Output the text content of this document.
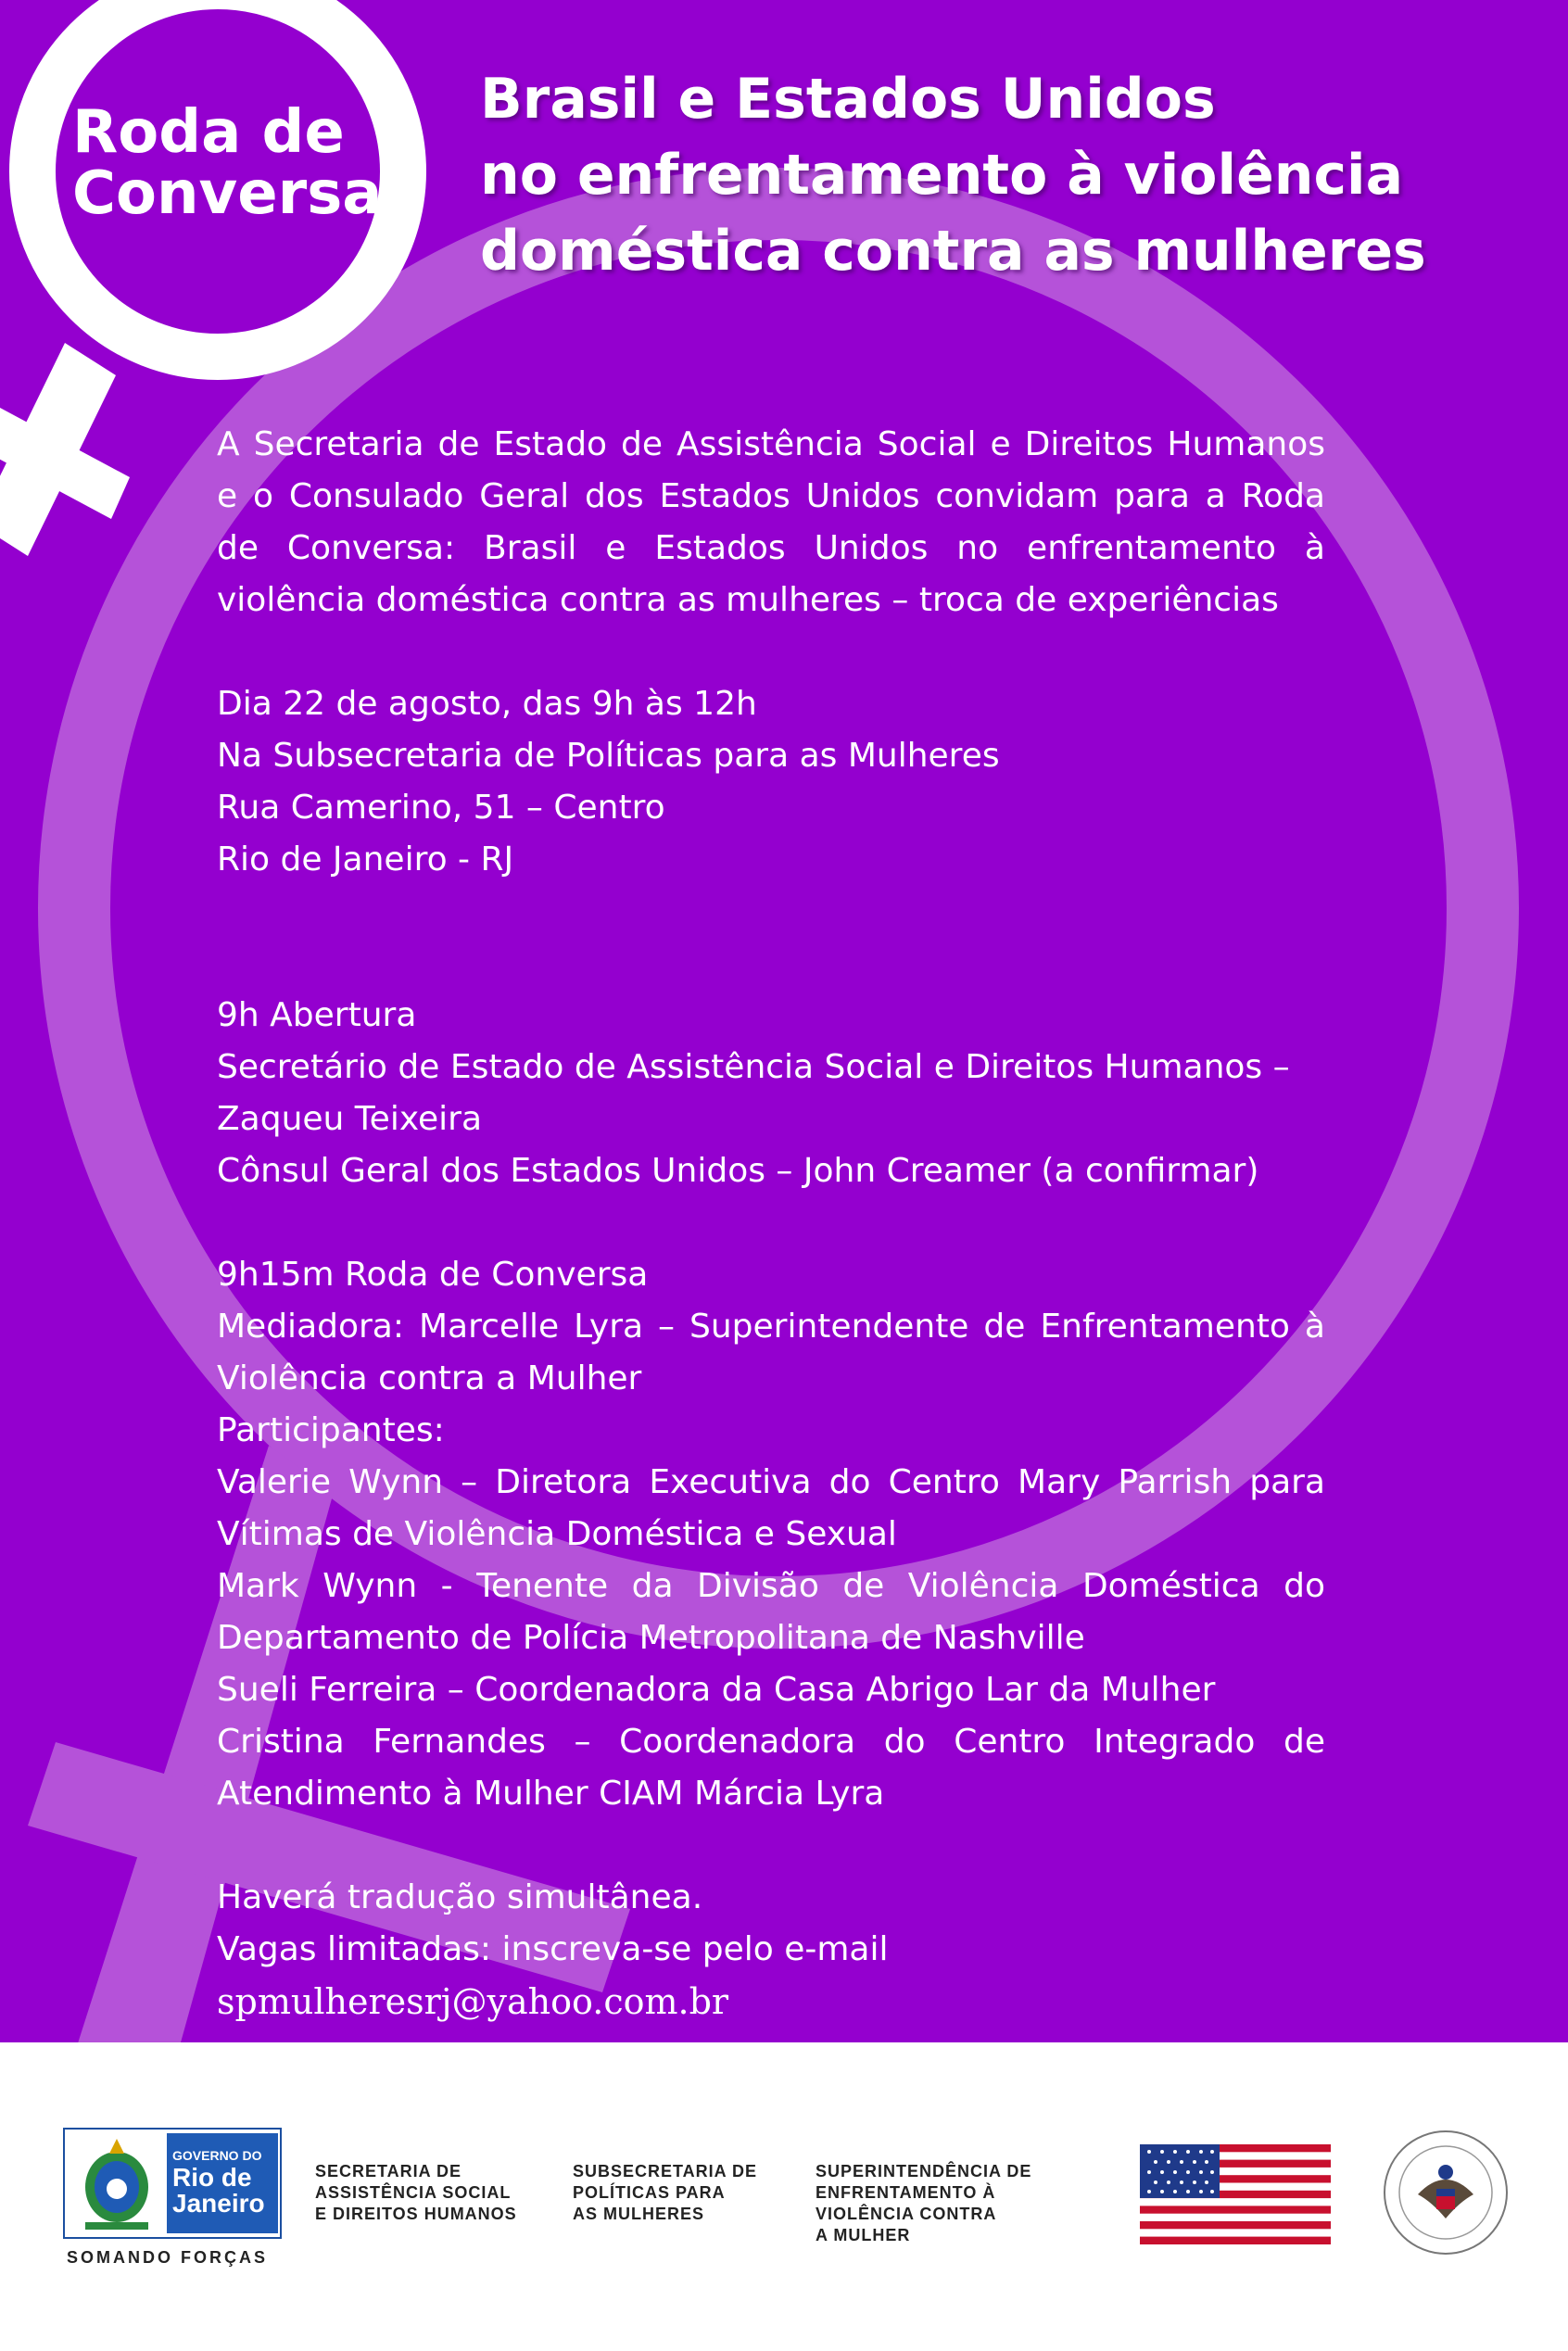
Roda de
Conversa
Brasil e Estados Unidos
no enfrentamento à violência
doméstica contra as mulheres

A Secretaria de Estado de Assistência Social e Direitos Humanos e o Consulado Geral dos Estados Unidos convidam para a Roda de Conversa: Brasil e Estados Unidos no enfrentamento à violência doméstica contra as mulheres – troca de experiências

Dia 22 de agosto, das 9h às 12h

Na Subsecretaria de Políticas para as Mulheres

Rua Camerino, 51 – Centro

Rio de Janeiro - RJ

9h Abertura

Secretário de Estado de Assistência Social e Direitos Humanos – Zaqueu Teixeira

Cônsul Geral dos Estados Unidos – John Creamer (a confirmar)

9h15m Roda de Conversa

Mediadora: Marcelle Lyra – Superintendente de Enfrentamento à Violência contra a Mulher

Participantes:

Valerie Wynn – Diretora Executiva do Centro Mary Parrish para Vítimas de Violência Doméstica e Sexual

Mark Wynn - Tenente da Divisão de Violência Doméstica do Departamento de Polícia Metropolitana de Nashville

Sueli Ferreira – Coordenadora da Casa Abrigo Lar da Mulher

Cristina Fernandes – Coordenadora do Centro Integrado de Atendimento à Mulher CIAM Márcia Lyra

Haverá tradução simultânea.

Vagas limitadas: inscreva-se pelo e-mail

spmulheresrj@yahoo.com.br

GOVERNO DO
Rio de
Janeiro
SOMANDO FORÇAS
SECRETARIA DE
ASSISTÊNCIA SOCIAL
E DIREITOS HUMANOS
SUBSECRETARIA DE
POLÍTICAS PARA
AS MULHERES
SUPERINTENDÊNCIA DE
ENFRENTAMENTO À
VIOLÊNCIA CONTRA
A MULHER
